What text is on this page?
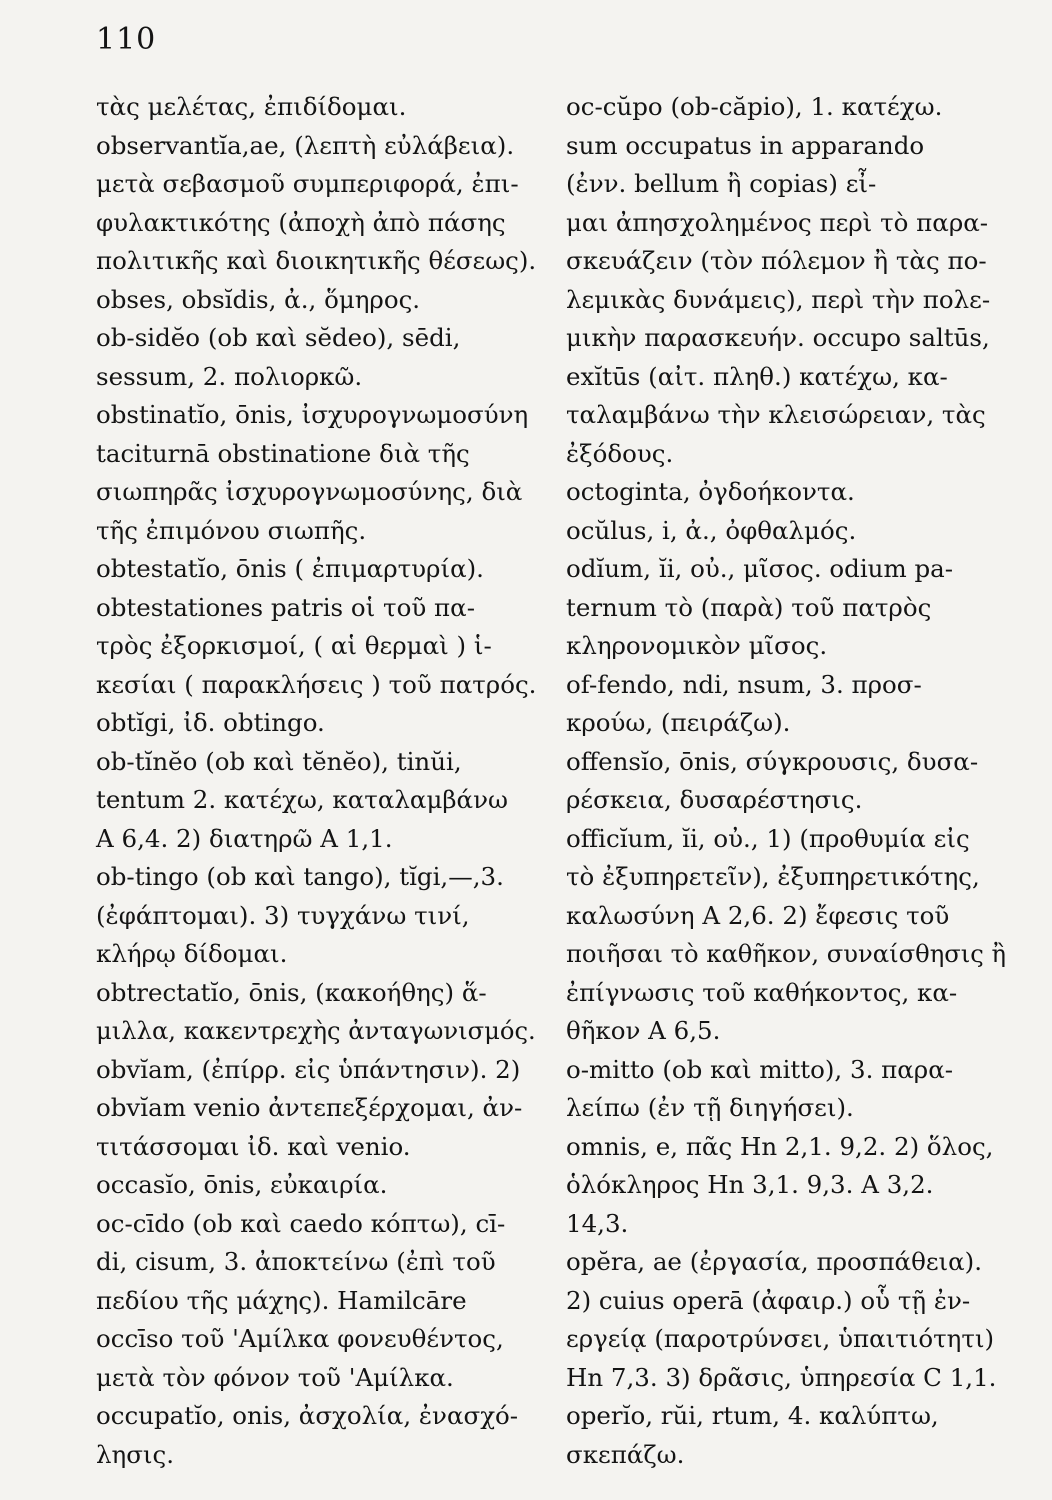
110
τὰς μελέτας, ἐπιδίδομαι.
observantĭa,ae, (λεπτὴ εὐλάβεια).
μετὰ σεβασμοῦ συμπεριφορά, ἐπι-
φυλακτικότης (ἀποχὴ ἀπὸ πάσης
πολιτικῆς καὶ διοικητικῆς θέσεως).
obses, obsĭdis, ἀ., ὅμηρος.
ob-sidĕo (ob καὶ sĕdeo), sēdi,
sessum, 2. πολιορκῶ.
obstinatĭo, ōnis, ἰσχυρογνωμοσύνη
taciturnā obstinatione διὰ τῆς
σιωπηρᾶς ἰσχυρογνωμοσύνης, διὰ
τῆς ἐπιμόνου σιωπῆς.
obtestatĭo, ōnis ( ἐπιμαρτυρία).
obtestationes patris οἱ τοῦ πα-
τρὸς ἐξορκισμοί, ( αἱ θερμαὶ ) ἱ-
κεσίαι ( παρακλήσεις ) τοῦ πατρός.
obtĭgi, ἰδ. obtingo.
ob-tĭnĕo (ob καὶ tĕnĕo), tinŭi,
tentum 2. κατέχω, καταλαμβάνω
A 6,4. 2) διατηρῶ A 1,1.
ob-tingo (ob καὶ tango), tĭgi,—,3.
(ἐφάπτομαι). 3) τυγχάνω τινί,
κλήρῳ δίδομαι.
obtrectatĭo, ōnis, (κακοήθης) ἅ-
μιλλα, κακεντρεχὴς ἀνταγωνισμός.
obvĭam, (ἐπίρρ. εἰς ὑπάντησιν). 2)
obvĭam venio ἀντεπεξέρχομαι, ἀν-
τιτάσσομαι ἰδ. καὶ venio.
occasĭo, ōnis, εὐκαιρία.
oc-cīdo (ob καὶ caedo κόπτω), cī-
di, cisum, 3. ἀποκτείνω (ἐπὶ τοῦ
πεδίου τῆς μάχης). Hamilcāre
occīso τοῦ 'Αμίλκα φονευθέντος,
μετὰ τὸν φόνον τοῦ 'Αμίλκα.
occupatĭo, onis, ἀσχολία, ἐνασχό-
λησις.
oc-cŭpo (ob-căpio), 1. κατέχω.
sum occupatus in apparando
(ἐνν. bellum ἢ copias) εἶ-
μαι ἀπησχολημένος περὶ τὸ παρα-
σκευάζειν (τὸν πόλεμον ἢ τὰς πο-
λεμικὰς δυνάμεις), περὶ τὴν πολε-
μικὴν παρασκευήν. occupo saltūs,
exĭtūs (αἰτ. πληθ.) κατέχω, κα-
ταλαμβάνω τὴν κλεισώρειαν, τὰς
ἐξόδους.
octoginta, ὀγδοήκοντα.
ocŭlus, i, ἀ., ὀφθαλμός.
odĭum, ĭi, οὐ., μῖσος. odium pa-
ternum τὸ (παρὰ) τοῦ πατρὸς
κληρονομικὸν μῖσος.
of-fendo, ndi, nsum, 3. προσ-
κρούω, (πειράζω).
offensĭo, ōnis, σύγκρουσις, δυσα-
ρέσκεια, δυσαρέστησις.
officĭum, ĭi, οὐ., 1) (προθυμία εἰς
τὸ ἐξυπηρετεῖν), ἐξυπηρετικότης,
καλωσύνη A 2,6. 2) ἔφεσις τοῦ
ποιῆσαι τὸ καθῆκον, συναίσθησις ἢ
ἐπίγνωσις τοῦ καθήκοντος, κα-
θῆκον A 6,5.
o-mitto (ob καὶ mitto), 3. παρα-
λείπω (ἐν τῇ διηγήσει).
omnis, e, πᾶς Hn 2,1. 9,2. 2) ὅλος,
ὁλόκληρος Hn 3,1. 9,3. A 3,2.
14,3.
opĕra, ae (ἐργασία, προσπάθεια).
2) cuius operā (ἀφαιρ.) οὗ τῇ ἐν-
εργείᾳ (παροτρύνσει, ὑπαιτιότητι)
Hn 7,3. 3) δρᾶσις, ὑπηρεσία C 1,1.
operĭo, rŭi, rtum, 4. καλύπτω,
σκεπάζω.
